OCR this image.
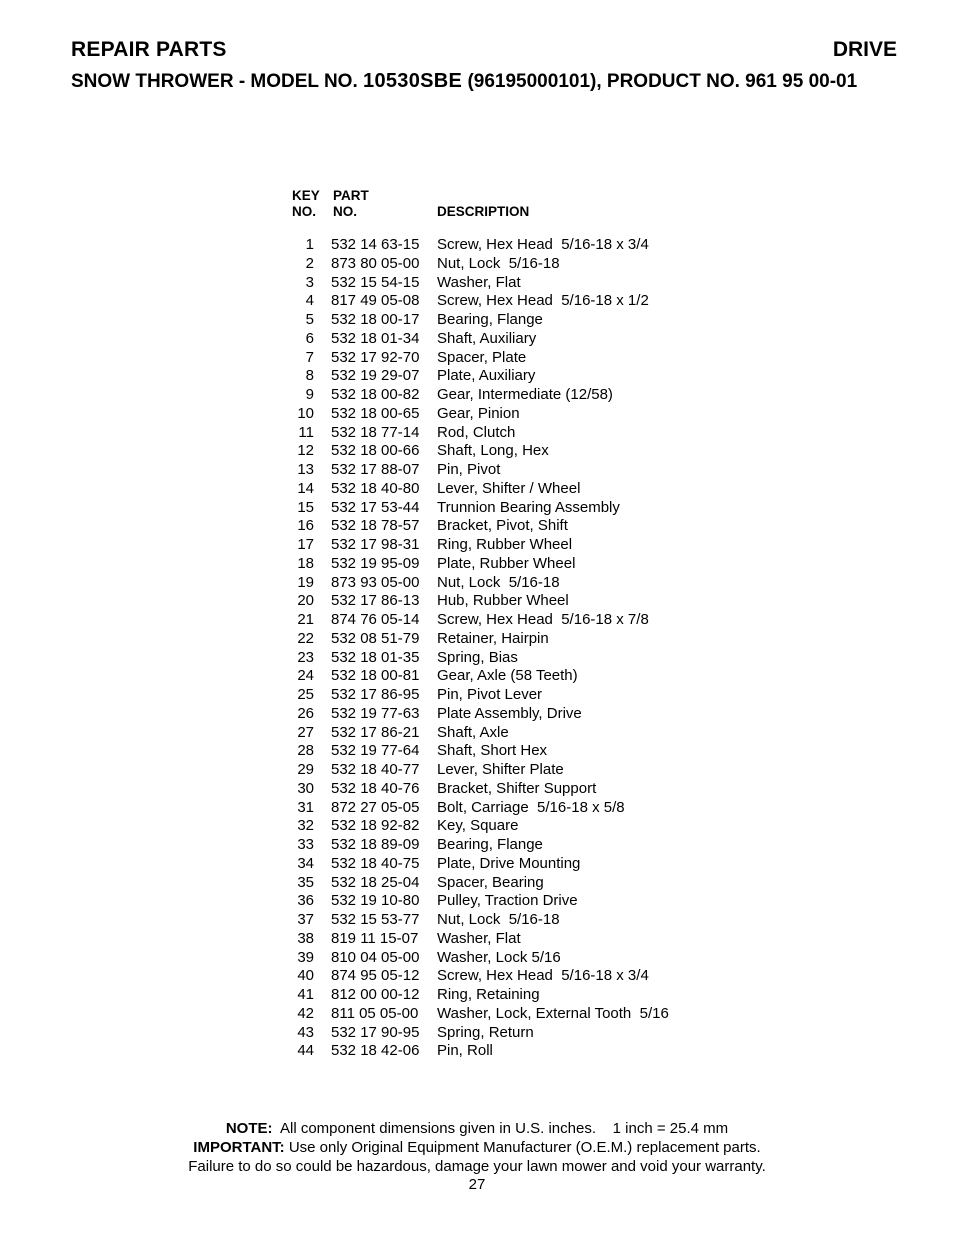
REPAIR PARTS	DRIVE
SNOW THROWER - MODEL NO. 10530SBE (96195000101), PRODUCT NO. 961 95 00-01
KEY
NO.
PART
NO.	DESCRIPTION
1 532 14 63-15 Screw, Hex Head  5/16-18 x 3/4
2 873 80 05-00 Nut, Lock  5/16-18
3 532 15 54-15 Washer, Flat
4 817 49 05-08 Screw, Hex Head  5/16-18 x 1/2
5 532 18 00-17 Bearing, Flange
6 532 18 01-34 Shaft, Auxiliary
7 532 17 92-70 Spacer, Plate
8 532 19 29-07 Plate, Auxiliary
9 532 18 00-82 Gear, Intermediate (12/58)
10 532 18 00-65 Gear, Pinion
11 532 18 77-14 Rod, Clutch
12 532 18 00-66 Shaft, Long, Hex
13 532 17 88-07 Pin, Pivot
14 532 18 40-80 Lever, Shifter / Wheel
15 532 17 53-44 Trunnion Bearing Assembly
16 532 18 78-57 Bracket, Pivot, Shift
17 532 17 98-31 Ring, Rubber Wheel
18 532 19 95-09 Plate, Rubber Wheel
19 873 93 05-00 Nut, Lock  5/16-18
20 532 17 86-13 Hub, Rubber Wheel
21 874 76 05-14 Screw, Hex Head  5/16-18 x 7/8
22 532 08 51-79 Retainer, Hairpin
23 532 18 01-35 Spring, Bias
24 532 18 00-81 Gear, Axle (58 Teeth)
25 532 17 86-95 Pin, Pivot Lever
26 532 19 77-63 Plate Assembly, Drive
27 532 17 86-21 Shaft, Axle
28 532 19 77-64 Shaft, Short Hex
29 532 18 40-77 Lever, Shifter Plate
30 532 18 40-76 Bracket, Shifter Support
31 872 27 05-05 Bolt, Carriage  5/16-18 x 5/8
32 532 18 92-82 Key, Square
33 532 18 89-09 Bearing, Flange
34 532 18 40-75 Plate, Drive Mounting
35 532 18 25-04 Spacer, Bearing
36 532 19 10-80 Pulley, Traction Drive
37 532 15 53-77 Nut, Lock  5/16-18
38 819 11 15-07 Washer, Flat
39 810 04 05-00 Washer, Lock 5/16
40 874 95 05-12 Screw, Hex Head  5/16-18 x 3/4
41 812 00 00-12 Ring, Retaining
42 811 05 05-00 Washer, Lock, External Tooth  5/16
43 532 17 90-95 Spring, Return
44 532 18 42-06 Pin, Roll
NOTE:  All component dimensions given in U.S. inches.    1 inch = 25.4 mm
IMPORTANT: Use only Original Equipment Manufacturer (O.E.M.) replacement parts.
Failure to do so could be hazardous, damage your lawn mower and void your warranty.
27
